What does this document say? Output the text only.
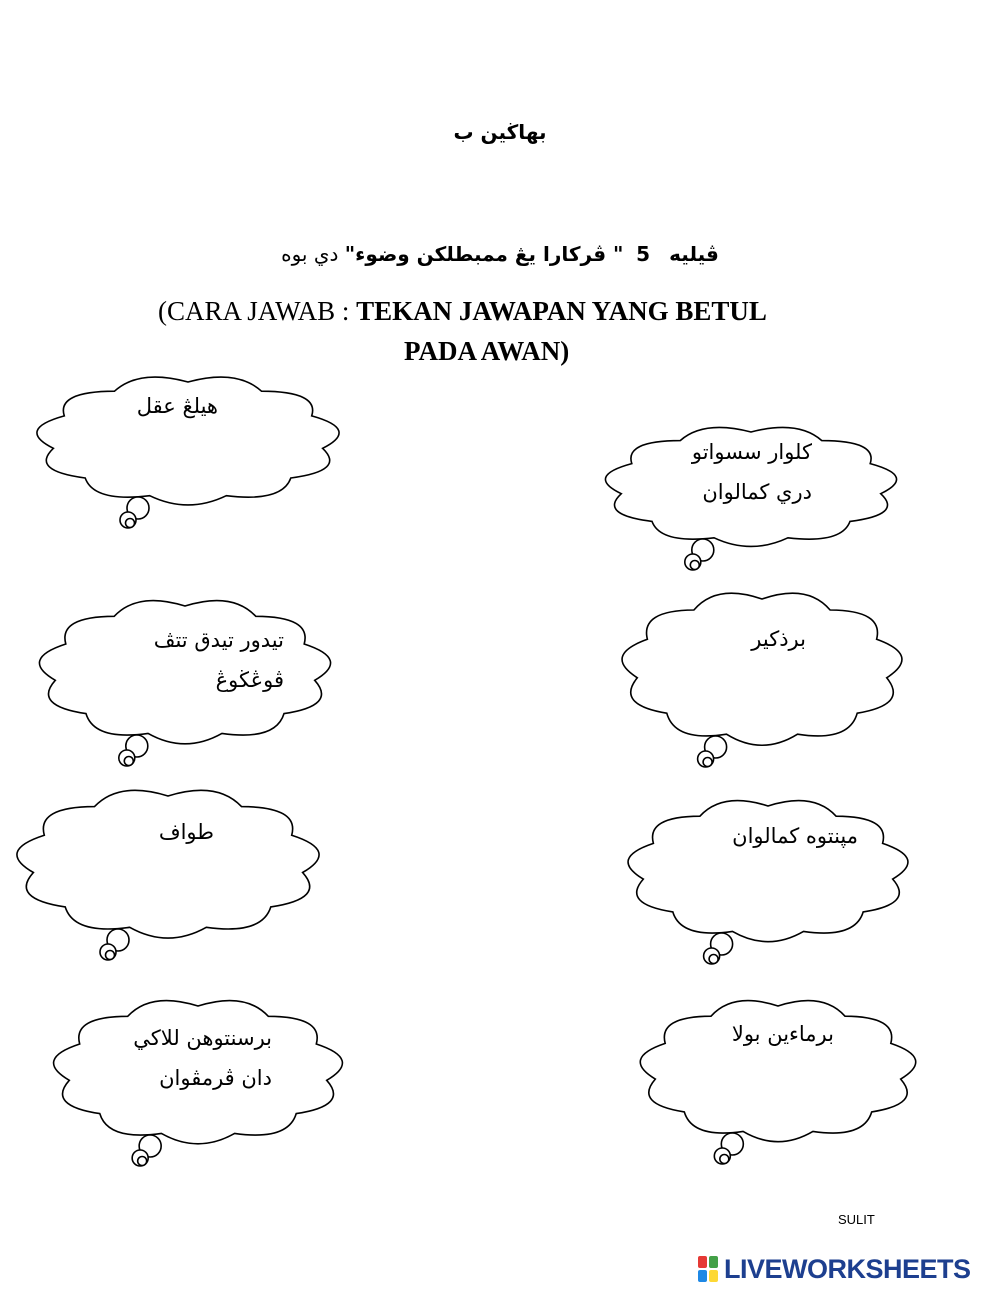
بهاڬين ب
ڤيليه   5  " ڤركارا يڠ ممبطلکن وضوء" دي بوه
(CARA JAWAB : TEKAN JAWAPAN YANG BETUL
PADA AWAN)
هيلڠ عقل
كلوار سسواتو
دري كمالوان
تيدور تيدق تتڤ
ڤوڠڬوڠ
برذكير
طواف	مڽنتوه كمالوان
برسنتوهن للاكي
دان ڤرمڤوان
برماءين بولا
SULIT
LIVEWORKSHEETS
